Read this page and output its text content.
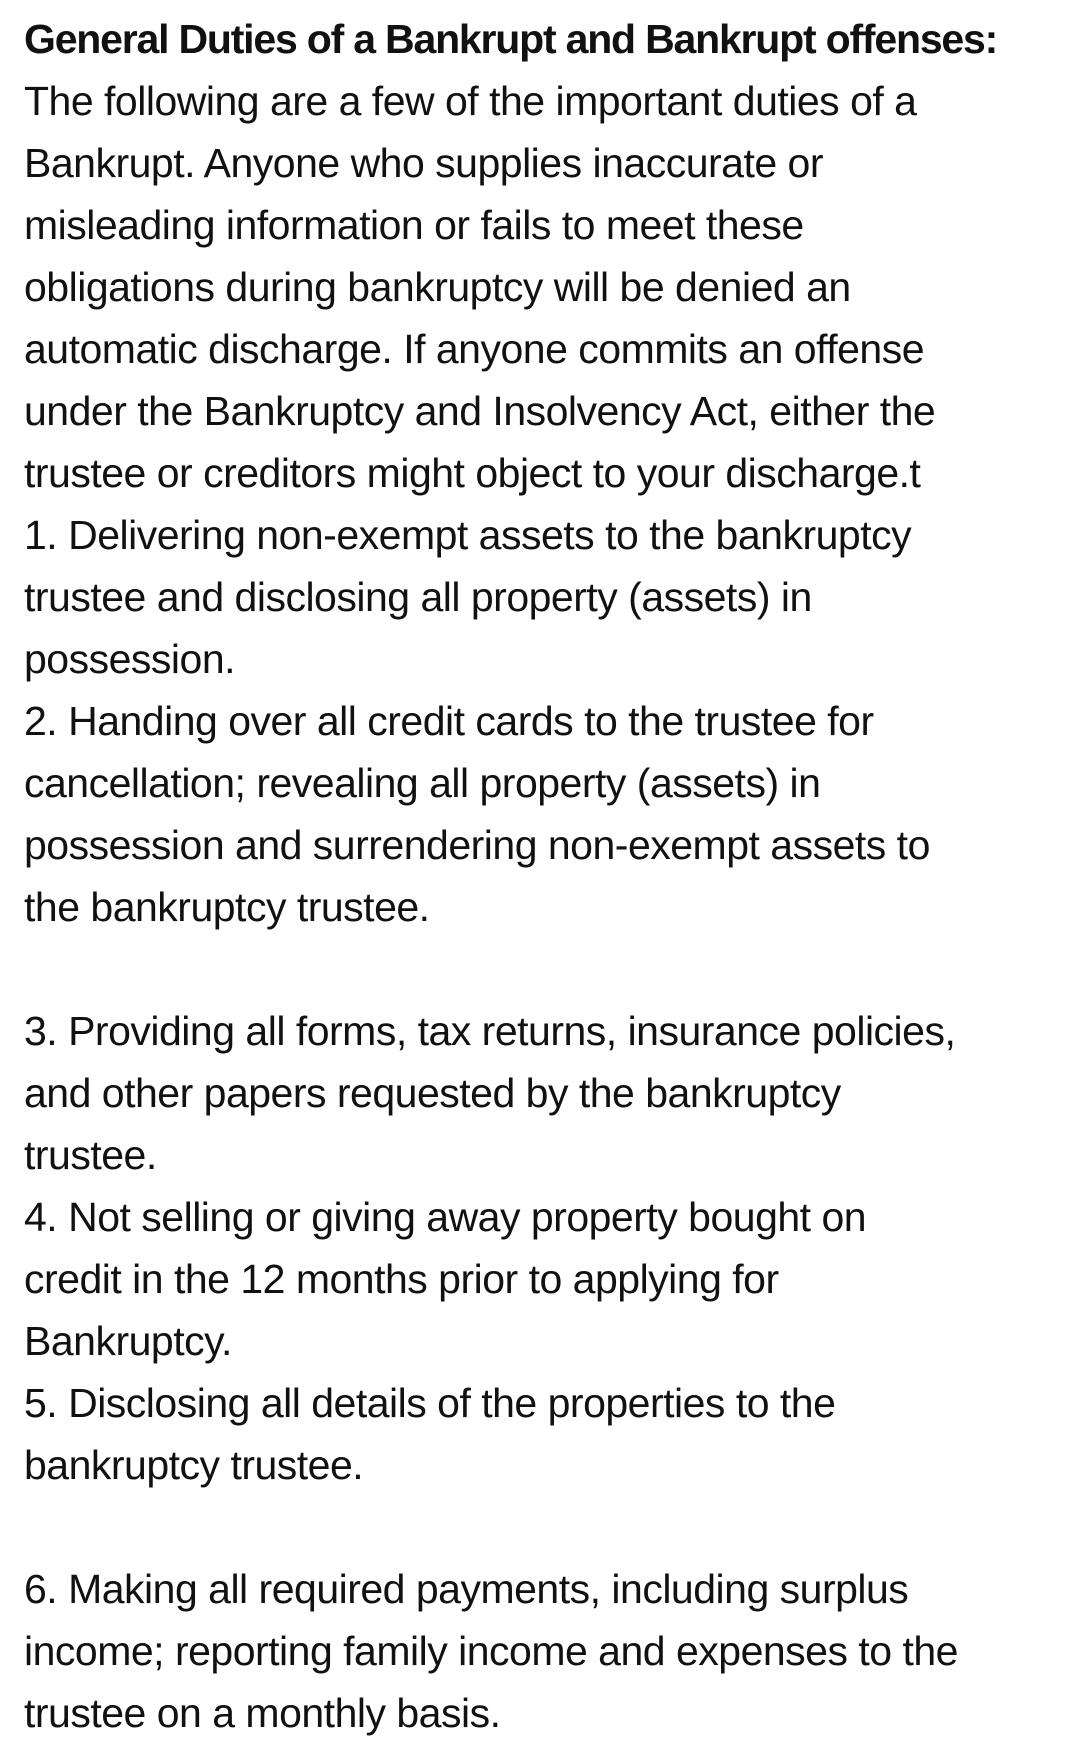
General Duties of a Bankrupt and Bankrupt offenses:
The following are a few of the important duties of a
Bankrupt. Anyone who supplies inaccurate or
misleading information or fails to meet these
obligations during bankruptcy will be denied an
automatic discharge. If anyone commits an offense
under the Bankruptcy and Insolvency Act, either the
trustee or creditors might object to your discharge.t
1. Delivering non-exempt assets to the bankruptcy
trustee and disclosing all property (assets) in
possession.
2. Handing over all credit cards to the trustee for
cancellation; revealing all property (assets) in
possession and surrendering non-exempt assets to
the bankruptcy trustee.
3. Providing all forms, tax returns, insurance policies,
and other papers requested by the bankruptcy
trustee.
4. Not selling or giving away property bought on
credit in the 12 months prior to applying for
Bankruptcy.
5. Disclosing all details of the properties to the
bankruptcy trustee.
6. Making all required payments, including surplus
income; reporting family income and expenses to the
trustee on a monthly basis.
